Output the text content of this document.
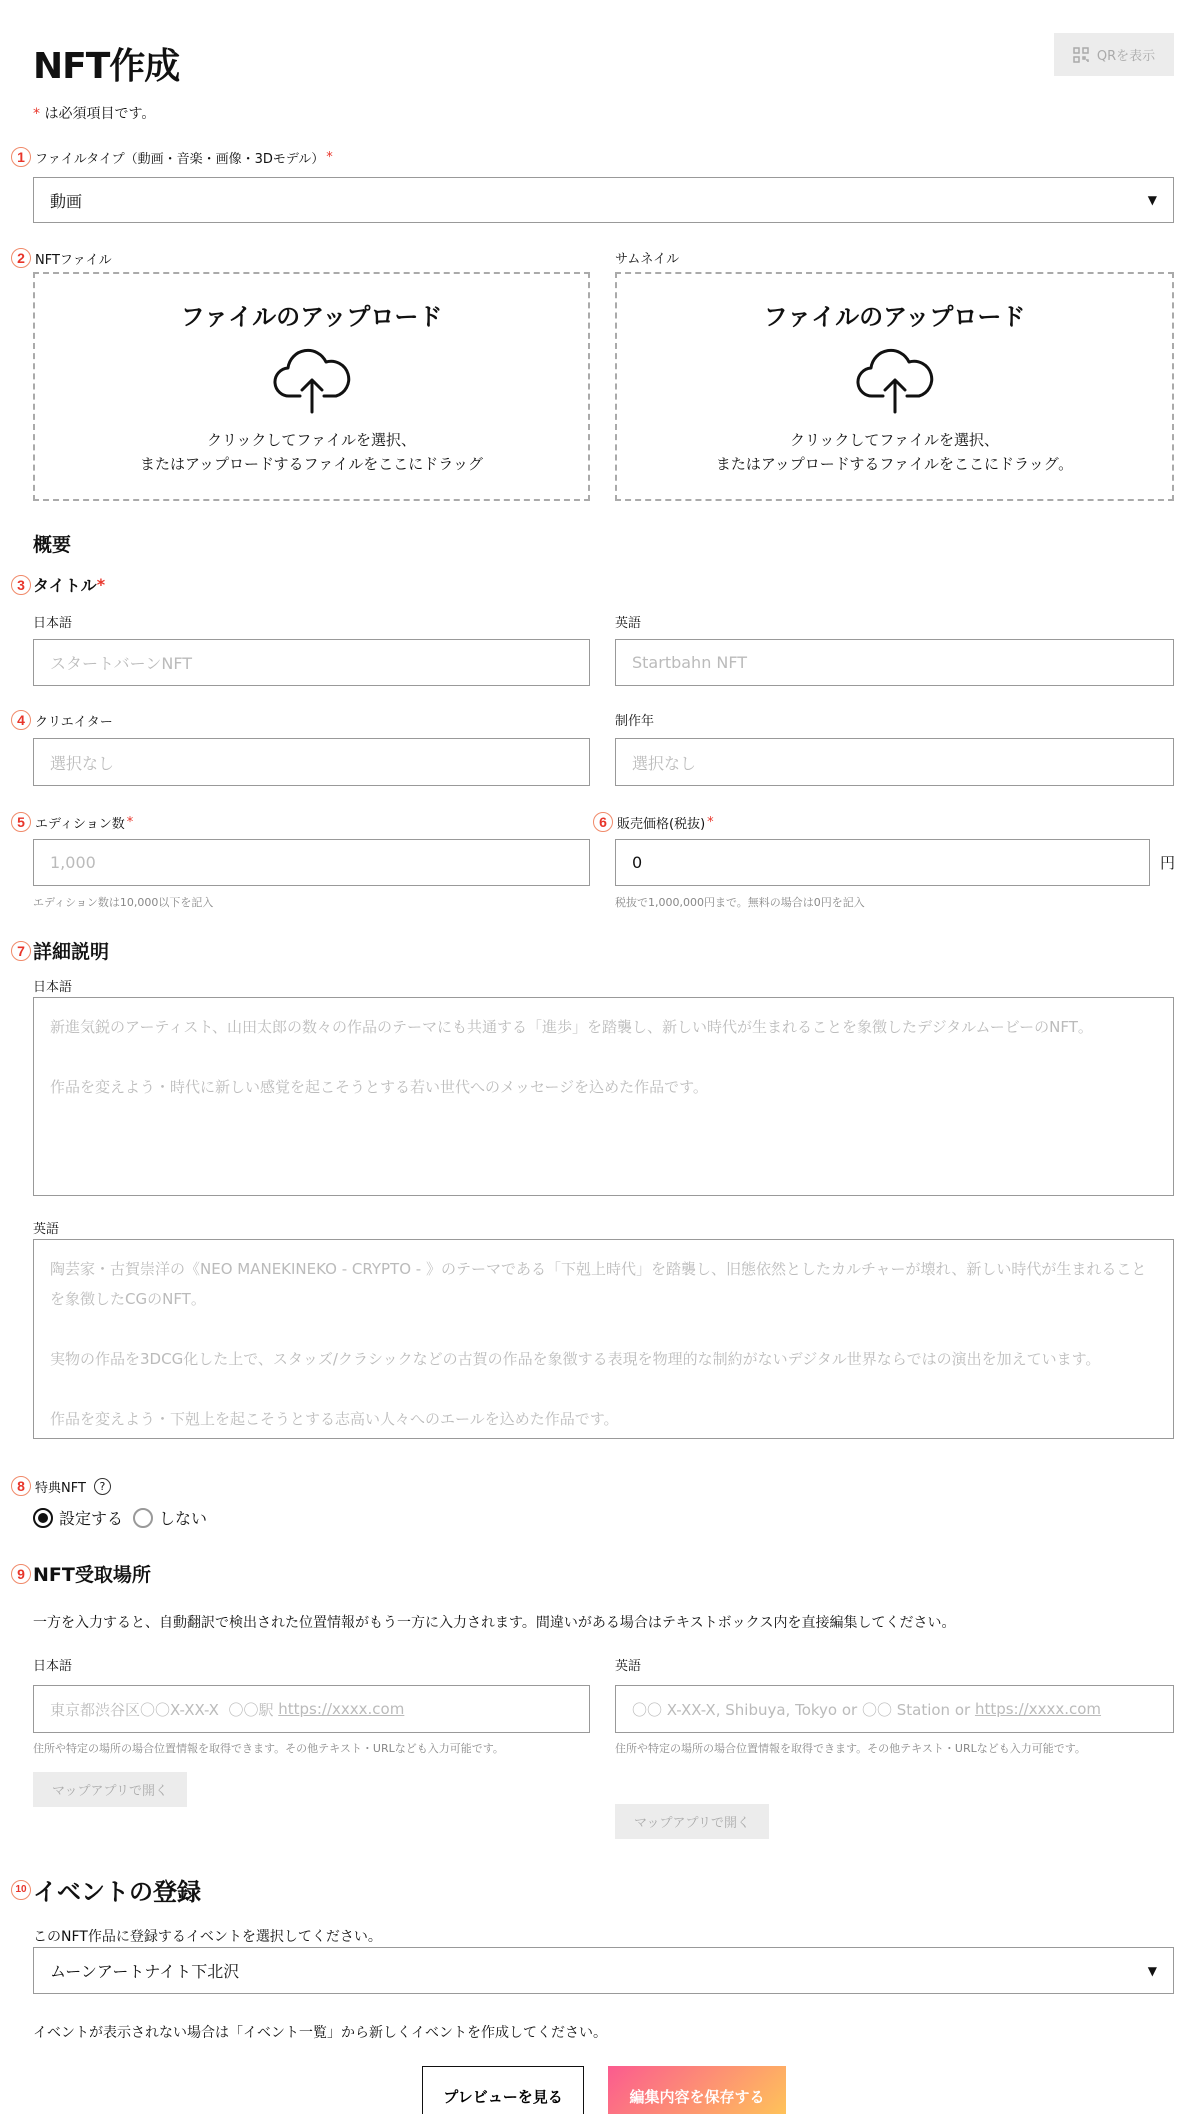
NFT作成	QRを表示
* は必須項目です。
1 ファイルタイプ（動画・音楽・画像・3Dモデル） *
動画	▼
2 NFTファイル	サムネイル
ファイルのアップロード
クリックしてファイルを選択、
またはアップロードするファイルをここにドラッグ
ファイルのアップロード
クリックしてファイルを選択、
またはアップロードするファイルをここにドラッグ。
概要
3 タイトル *
日本語	英語
スタートバーンNFT	Startbahn NFT
4 クリエイター	制作年
選択なし	選択なし
5 エディション数 *	6 販売価格(税抜) *
1,000	0	円
エディション数は10,000以下を記入	税抜で1,000,000円まで。無料の場合は0円を記入
7 詳細説明
日本語
新進気鋭のアーティスト、山田太郎の数々の作品のテーマにも共通する「進歩」を踏襲し、新しい時代が生まれることを象徴したデジタルムービーのNFT。

作品を変えよう・時代に新しい感覚を起こそうとする若い世代へのメッセージを込めた作品です。
英語
陶芸家・古賀崇洋の《NEO MANEKINEKO - CRYPTO - 》のテーマである「下剋上時代」を踏襲し、旧態依然としたカルチャーが壊れ、新しい時代が生まれることを象徴したCGのNFT。

実物の作品を3DCG化した上で、スタッズ/クラシックなどの古賀の作品を象徴する表現を物理的な制約がないデジタル世界ならではの演出を加えています。

作品を変えよう・下剋上を起こそうとする志高い人々へのエールを込めた作品です。
8 特典NFT	?
設定する しない
9 NFT受取場所
一方を入力すると、自動翻訳で検出された位置情報がもう一方に入力されます。間違いがある場合はテキストボックス内を直接編集してください。
日本語	英語
東京都渋谷区〇〇X-XX-X  〇〇駅 https://xxxx.com	〇〇 X-XX-X, Shibuya, Tokyo or 〇〇 Station or https://xxxx.com
住所や特定の場所の場合位置情報を取得できます。その他テキスト・URLなども入力可能です。	住所や特定の場所の場合位置情報を取得できます。その他テキスト・URLなども入力可能です。
マップアプリで開く
マップアプリで開く
10 イベントの登録
このNFT作品に登録するイベントを選択してください。
ムーンアートナイト下北沢	▼
イベントが表示されない場合は「イベント一覧」から新しくイベントを作成してください。
プレビューを見る	編集内容を保存する
